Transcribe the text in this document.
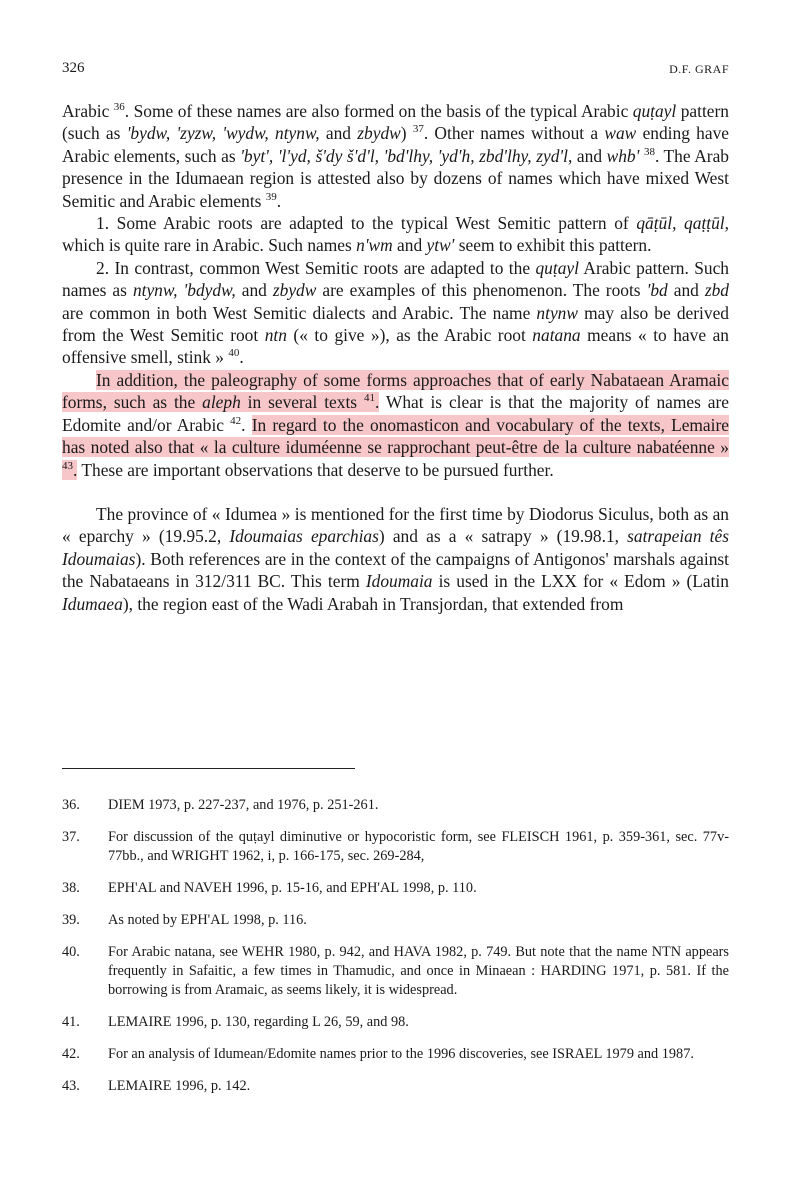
326	D.F. GRAF

Arabic $^{36}$. Some of these names are also formed on the basis of the typical Arabic quṭayl pattern (such as 'bydw, 'zyzw, 'wydw, ntynw, and zbydw) $^{37}$. Other names without a waw ending have Arabic elements, such as 'byt', 'l'yd, š'dy š'd'l, 'bd'lhy, 'yd'h, zbd'lhy, zyd'l, and whb' $^{38}$. The Arab presence in the Idumaean region is attested also by dozens of names which have mixed West Semitic and Arabic elements $^{39}$.

1. Some Arabic roots are adapted to the typical West Semitic pattern of qāṭūl, qaṭṭūl, which is quite rare in Arabic. Such names n'wm and ytw' seem to exhibit this pattern.

2. In contrast, common West Semitic roots are adapted to the quṭayl Arabic pattern. Such names as ntynw, 'bdydw, and zbydw are examples of this phenomenon. The roots 'bd and zbd are common in both West Semitic dialects and Arabic. The name ntynw may also be derived from the West Semitic root ntn (« to give »), as the Arabic root natana means « to have an offensive smell, stink » $^{40}$.

In addition, the paleography of some forms approaches that of early Nabataean Aramaic forms, such as the aleph in several texts $^{41}$. What is clear is that the majority of names are Edomite and/or Arabic $^{42}$. In regard to the onomasticon and vocabulary of the texts, Lemaire has noted also that « la culture iduméenne se rapprochant peut-être de la culture nabatéenne » $^{43}$. These are important observations that deserve to be pursued further.

The province of « Idumea » is mentioned for the first time by Diodorus Siculus, both as an « eparchy » (19.95.2, Idoumaias eparchias) and as a « satrapy » (19.98.1, satrapeian tês Idoumaias). Both references are in the context of the campaigns of Antigonos' marshals against the Nabataeans in 312/311 BC. This term Idoumaia is used in the LXX for « Edom » (Latin Idumaea), the region east of the Wadi Arabah in Transjordan, that extended from

36. DIEM 1973, p. 227-237, and 1976, p. 251-261.
37. For discussion of the quṭayl diminutive or hypocoristic form, see FLEISCH 1961, p. 359-361, sec. 77v-77bb., and WRIGHT 1962, i, p. 166-175, sec. 269-284,
38. EPH'AL and NAVEH 1996, p. 15-16, and EPH'AL 1998, p. 110.
39. As noted by EPH'AL 1998, p. 116.
40. For Arabic natana, see WEHR 1980, p. 942, and HAVA 1982, p. 749. But note that the name NTN appears frequently in Safaitic, a few times in Thamudic, and once in Minaean : HARDING 1971, p. 581. If the borrowing is from Aramaic, as seems likely, it is widespread.
41. LEMAIRE 1996, p. 130, regarding L 26, 59, and 98.
42. For an analysis of Idumean/Edomite names prior to the 1996 discoveries, see ISRAEL 1979 and 1987.
43. LEMAIRE 1996, p. 142.
